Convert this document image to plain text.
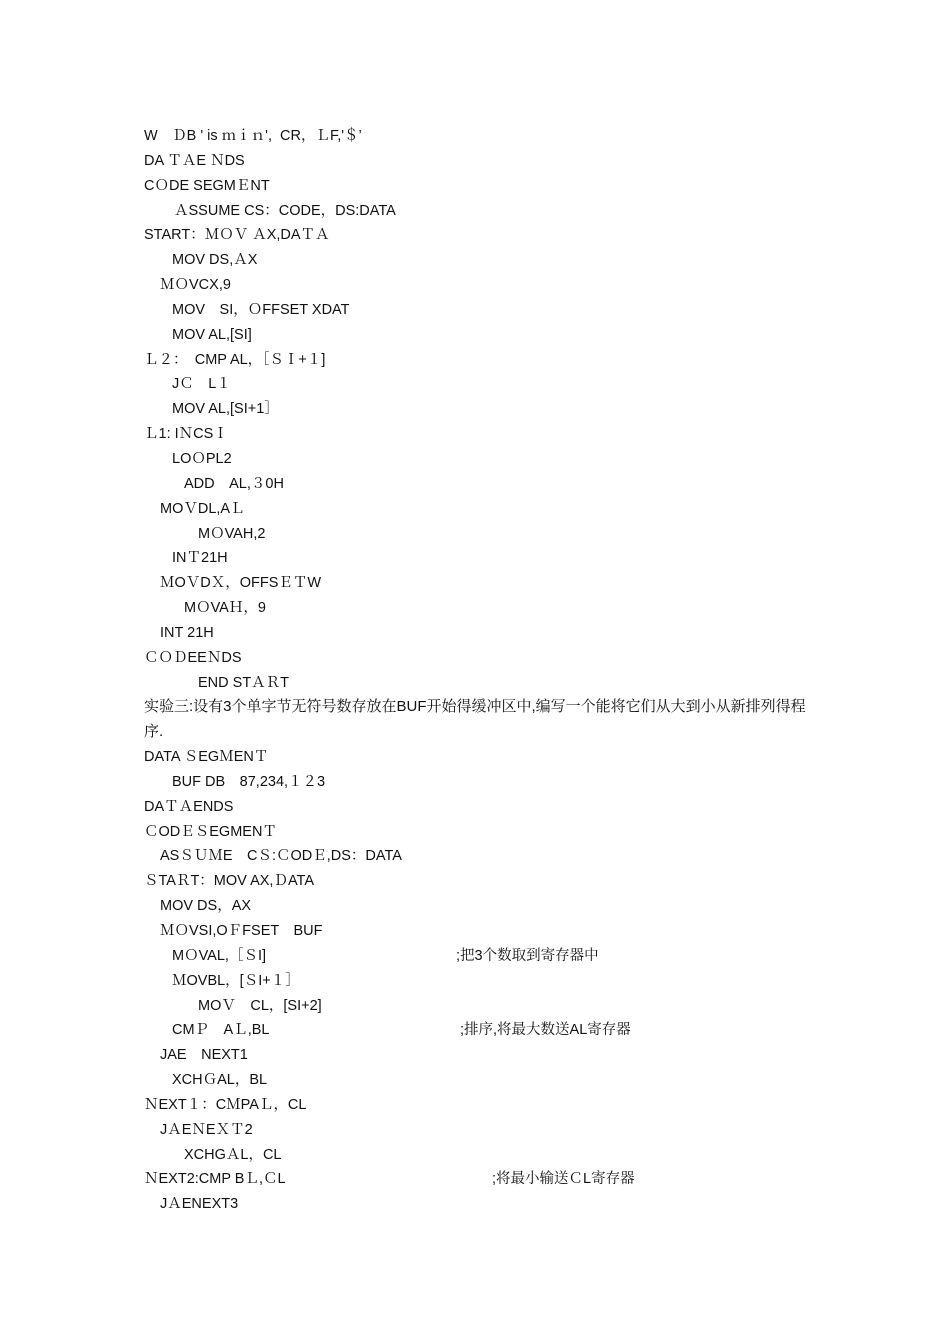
W　ＤB ' is ｍｉｎ',  CR，ＬF,'＄’
DA ＴＡE ＮDS
CＯDE SEGMＥNT
ＡSSUME CS：CODE，DS:DATA
START：ＭＯＶ ＡX,DAＴＡ
MOV DS,ＡX
ＭＯVCX,9
MOV　SI，ＯFFSET XDAT
MOV AL,[SI]
Ｌ２：　CMP AL，［ＳＩ+１]
JＣ　L１
MOV AL,[SI+1］
Ｌ1: IＮCSＩ
LOＯPL2
ADD　AL,３0H
MOＶDL,AＬ
MＯVAH,2
INＴ21H
ＭOＶDＸ，OFFSＥＴW
MＯVAＨ，9
INT 21H
ＣＯＤEEＮDS
END STＡＲT
实验三:设有3个单字节无符号数存放在BUF开始得缓冲区中,编写一个能将它们从大到小从新排列得程序.
DATA ＳEGＭENＴ
BUF DB　87,234,１２3
DAＴＡENDS
ＣODＥＳEGMENＴ
ASＳＵＭE　CＳ:ＣODＥ,DS：DATA
ＳTAＲT：MOV AX,ＤATA
MOV DS，AX
ＭＯVSI,OＦFSET　BUF

MＯVAL,［ＳI]

	;把3个数取到寄存器中

ＭOVBL，[ＳI+１］
MOＶ　CL，[SI+2]

CMＰ　AＬ,BL

	;排序,将最大数送AL寄存器

JAE　NEXT1
XCHＧAL，BL
ＮEXT１：CＭPAＬ，CL
JＡEＮEＸＴ2
XCHGＡL，CL

ＮEXT2:CMP BＬ,ＣL

	;将最小输送ＣL寄存器

JＡENEXT3
